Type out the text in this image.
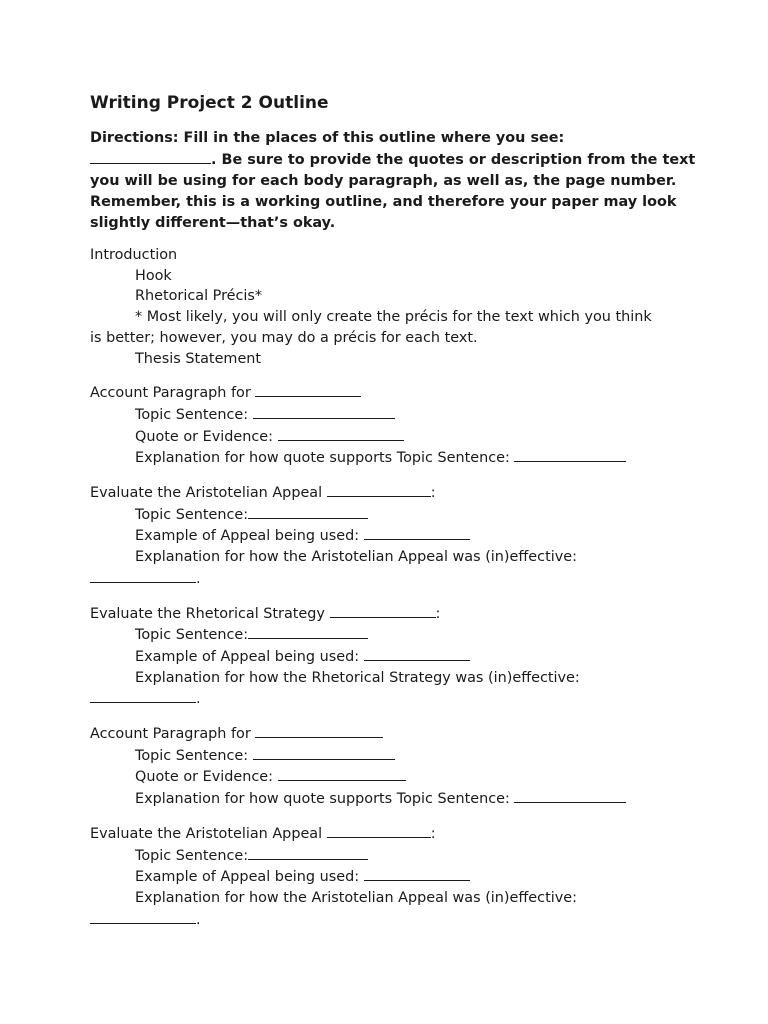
Writing Project 2 Outline

Directions: Fill in the places of this outline where you see:
. Be sure to provide the quotes or description from the text you will be using for each body paragraph, as well as, the page number. Remember, this is a working outline, and therefore your paper may look slightly different—that’s okay.

Introduction
Hook
Rhetorical Précis*
* Most likely, you will only create the précis for the text which you think
is better; however, you may do a précis for each text.
Thesis Statement
Account Paragraph for
Topic Sentence:
Quote or Evidence:
Explanation for how quote supports Topic Sentence:
Evaluate the Aristotelian Appeal	:
Topic Sentence:
Example of Appeal being used:
Explanation for how the Aristotelian Appeal was (in)effective:
.
Evaluate the Rhetorical Strategy	:
Topic Sentence:
Example of Appeal being used:
Explanation for how the Rhetorical Strategy was (in)effective:
.
Account Paragraph for
Topic Sentence:
Quote or Evidence:
Explanation for how quote supports Topic Sentence:
Evaluate the Aristotelian Appeal	:
Topic Sentence:
Example of Appeal being used:
Explanation for how the Aristotelian Appeal was (in)effective:
.
